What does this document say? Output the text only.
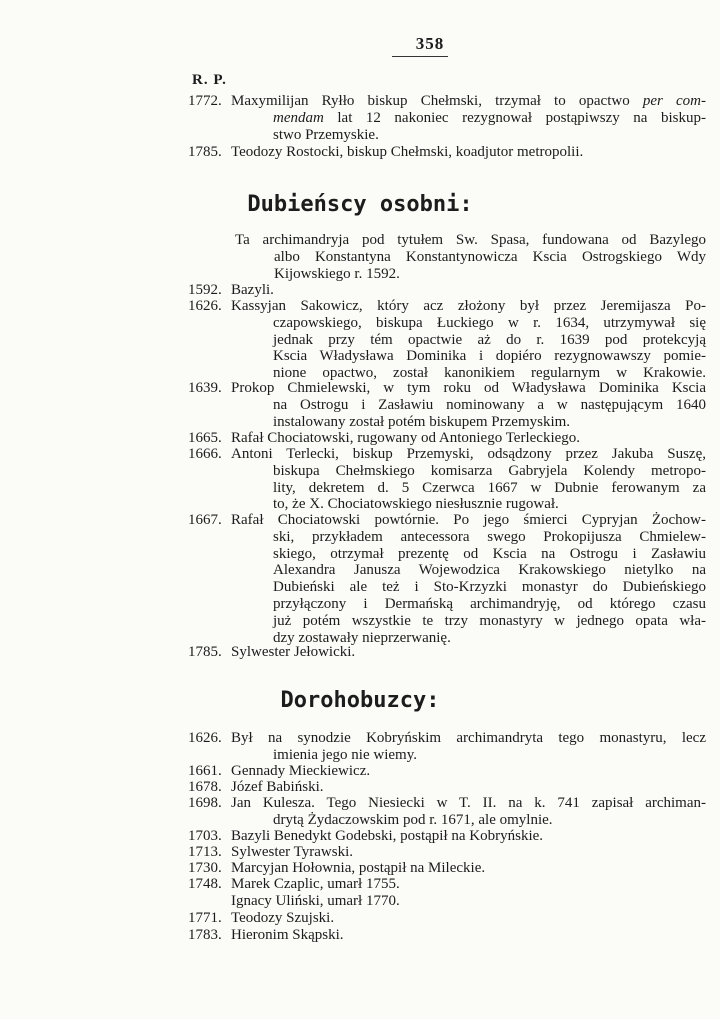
358
R. P.
1772. Maxymilijan Ryłło biskup Chełmski, trzymał to opactwo per com-
mendam lat 12 nakoniec rezygnował postąpiwszy na biskup-
stwo Przemyskie.
1785. Teodozy Rostocki, biskup Chełmski, koadjutor metropolii.
Dubieńscy osobni:
Ta archimandryja pod tytułem Sw. Spasa, fundowana od Bazylego
albo Konstantyna Konstantynowicza Kscia Ostrogskiego Wdy
Kijowskiego r. 1592.
1592. Bazyli.
1626. Kassyjan Sakowicz, który acz złożony był przez Jeremijasza Po-
czapowskiego, biskupa Łuckiego w r. 1634, utrzymywał się
jednak przy tém opactwie aż do r. 1639 pod protekcyją
Kscia Władysława Dominika i dopiéro rezygnowawszy pomie-
nione opactwo, został kanonikiem regularnym w Krakowie.
1639. Prokop Chmielewski, w tym roku od Władysława Dominika Kscia
na Ostrogu i Zasławiu nominowany a w następującym 1640
instalowany został potém biskupem Przemyskim.
1665. Rafał Chociatowski, rugowany od Antoniego Terleckiego.
1666. Antoni Terlecki, biskup Przemyski, odsądzony przez Jakuba Suszę,
biskupa Chełmskiego komisarza Gabryjela Kolendy metropo-
lity, dekretem d. 5 Czerwca 1667 w Dubnie ferowanym za
to, że X. Chociatowskiego niesłusznie rugował.
1667. Rafał Chociatowski powtórnie. Po jego śmierci Cypryjan Żochow-
ski, przykładem antecessora swego Prokopijusza Chmielew-
skiego, otrzymał prezentę od Kscia na Ostrogu i Zasławiu
Alexandra Janusza Wojewodzica Krakowskiego nietylko na
Dubieński ale też i Sto-Krzyzki monastyr do Dubieńskiego
przyłączony i Dermańską archimandryję, od którego czasu
już potém wszystkie te trzy monastyry w jednego opata wła-
dzy zostawały nieprzerwanię.
1785. Sylwester Jełowicki.
Dorohobuzcy:
1626. Był na synodzie Kobryńskim archimandryta tego monastyru, lecz
imienia jego nie wiemy.
1661. Gennady Mieckiewicz.
1678. Józef Babiński.
1698. Jan Kulesza. Tego Niesiecki w T. II. na k. 741 zapisał archiman-
drytą Żydaczowskim pod r. 1671, ale omylnie.
1703. Bazyli Benedykt Godebski, postąpił na Kobryńskie.
1713. Sylwester Tyrawski.
1730. Marcyjan Hołownia, postąpił na Mileckie.
1748. Marek Czaplic, umarł 1755.
Ignacy Uliński, umarł 1770.
1771. Teodozy Szujski.
1783. Hieronim Skąpski.
